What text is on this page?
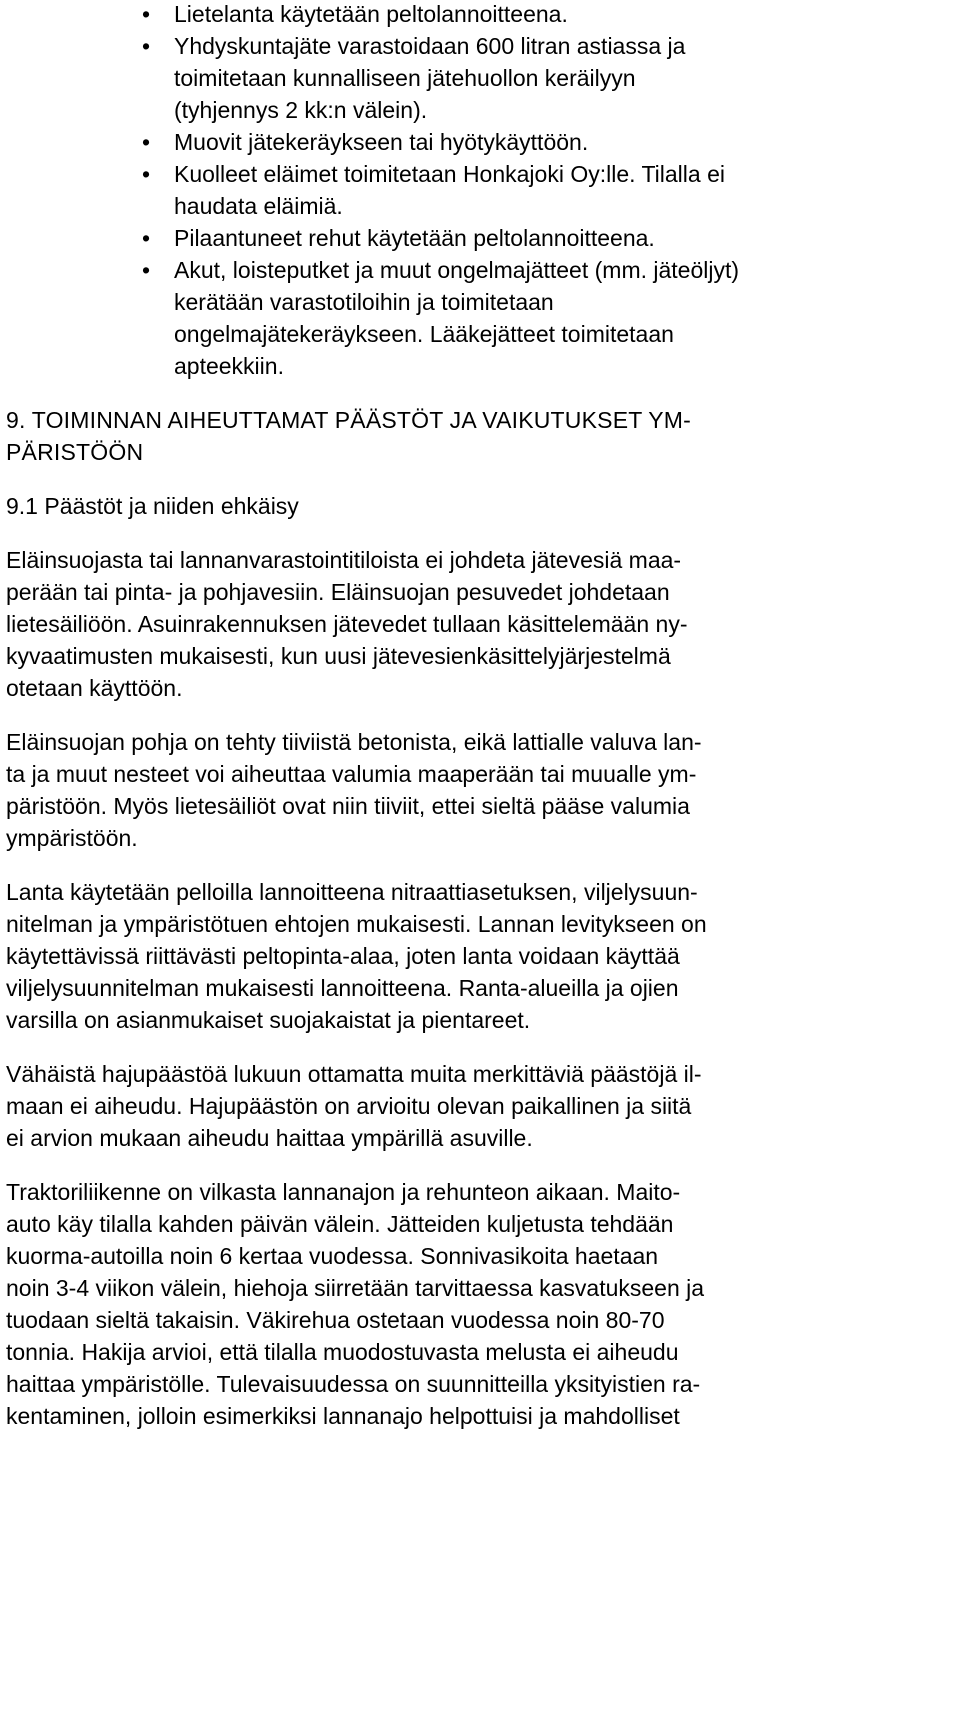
• Lietelanta käytetään peltolannoitteena.
• Yhdyskuntajäte varastoidaan 600 litran astiassa ja
toimitetaan kunnalliseen jätehuollon keräilyyn
(tyhjennys 2 kk:n välein).
• Muovit jätekeräykseen tai hyötykäyttöön.
• Kuolleet eläimet toimitetaan Honkajoki Oy:lle. Tilalla ei
haudata eläimiä.
• Pilaantuneet rehut käytetään peltolannoitteena.
• Akut, loisteputket ja muut ongelmajätteet (mm. jäteöljyt)
kerätään varastotiloihin ja toimitetaan
ongelmajätekeräykseen. Lääkejätteet toimitetaan
apteekkiin.
9. TOIMINNAN AIHEUTTAMAT PÄÄSTÖT JA VAIKUTUKSET YM-
PÄRISTÖÖN
9.1 Päästöt ja niiden ehkäisy
Eläinsuojasta tai lannanvarastointitiloista ei johdeta jätevesiä maa-
perään tai pinta- ja pohjavesiin. Eläinsuojan pesuvedet johdetaan
lietesäiliöön. Asuinrakennuksen jätevedet tullaan käsittelemään ny-
kyvaatimusten mukaisesti, kun uusi jätevesienkäsittelyjärjestelmä
otetaan käyttöön.
Eläinsuojan pohja on tehty tiiviistä betonista, eikä lattialle valuva lan-
ta ja muut nesteet voi aiheuttaa valumia maaperään tai muualle ym-
päristöön. Myös lietesäiliöt ovat niin tiiviit, ettei sieltä pääse valumia
ympäristöön.
Lanta käytetään pelloilla lannoitteena nitraattiasetuksen, viljelysuun-
nitelman ja ympäristötuen ehtojen mukaisesti. Lannan levitykseen on
käytettävissä riittävästi peltopinta-alaa, joten lanta voidaan käyttää
viljelysuunnitelman mukaisesti lannoitteena. Ranta-alueilla ja ojien
varsilla on asianmukaiset suojakaistat ja pientareet.
Vähäistä hajupäästöä lukuun ottamatta muita merkittäviä päästöjä il-
maan ei aiheudu. Hajupäästön on arvioitu olevan paikallinen ja siitä
ei arvion mukaan aiheudu haittaa ympärillä asuville.
Traktoriliikenne on vilkasta lannanajon ja rehunteon aikaan. Maito-
auto käy tilalla kahden päivän välein. Jätteiden kuljetusta tehdään
kuorma-autoilla noin 6 kertaa vuodessa. Sonnivasikoita haetaan
noin 3-4 viikon välein, hiehoja siirretään tarvittaessa kasvatukseen ja
tuodaan sieltä takaisin. Väkirehua ostetaan vuodessa noin 80-70
tonnia. Hakija arvioi, että tilalla muodostuvasta melusta ei aiheudu
haittaa ympäristölle. Tulevaisuudessa on suunnitteilla yksityistien ra-
kentaminen, jolloin esimerkiksi lannanajo helpottuisi ja mahdolliset
